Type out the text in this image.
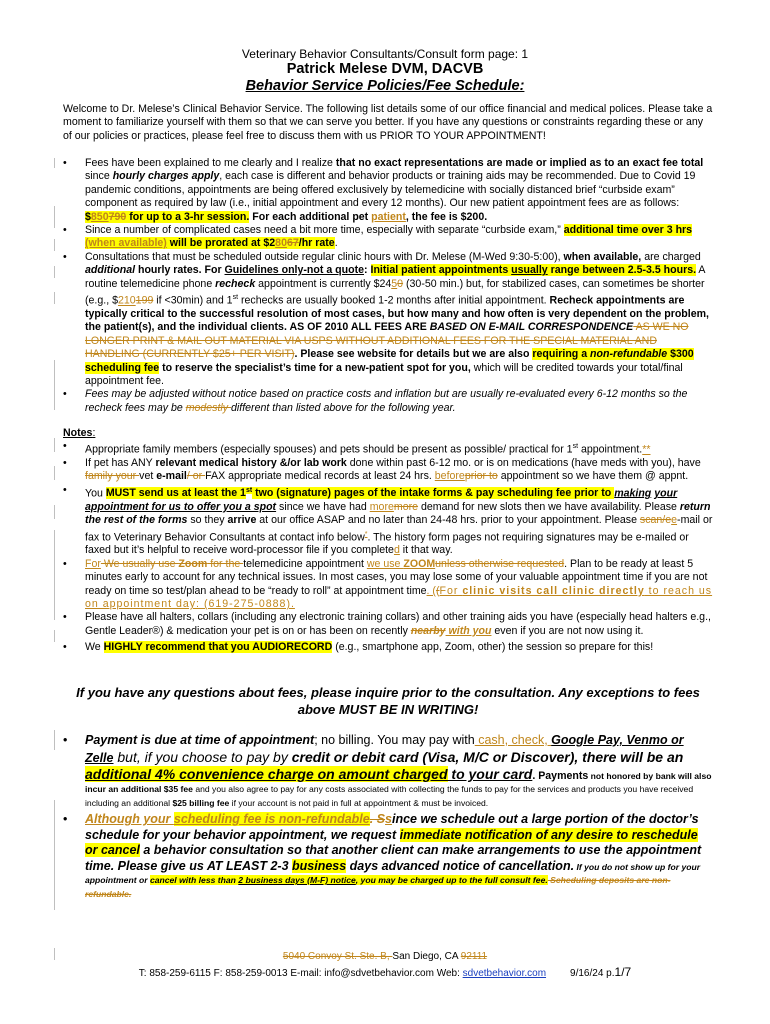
Veterinary Behavior Consultants/Consult form page: 1
Patrick Melese DVM, DACVB
Behavior Service Policies/Fee Schedule:
Welcome to Dr. Melese’s Clinical Behavior Service. The following list details some of our office financial and medical polices. Please take a moment to familiarize yourself with them so that we can serve you better. If you have any questions or constraints regarding these or any of our policies or practices, please feel free to discuss them with us PRIOR TO YOUR APPOINTMENT!
• Fees have been explained to me clearly and I realize that no exact representations are made or implied as to an exact fee total since hourly charges apply, each case is different and behavior products or training aids may be recommended. Due to Covid 19 pandemic conditions, appointments are being offered exclusively by telemedicine with socially distanced brief “curbside exam” component as required by law (i.e., initial appointment and every 12 months). Our new patient appointment fees are as follows: $850790 for up to a 3-hr session. For each additional pet patient, the fee is $200.
• Since a number of complicated cases need a bit more time, especially with separate “curbside exam,” additional time over 3 hrs (when available) will be prorated at $28067/hr rate.
• Consultations that must be scheduled outside regular clinic hours with Dr. Melese (M-Wed 9:30-5:00), when available, are charged additional hourly rates. For Guidelines only-not a quote: Initial patient appointments usually range between 2.5-3.5 hours. A routine telemedicine phone recheck appointment is currently $2450 (30-50 min.) but, for stabilized cases, can sometimes be shorter (e.g., $210199 if <30min) and 1st rechecks are usually booked 1-2 months after initial appointment. Recheck appointments are typically critical to the successful resolution of most cases, but how many and how often is very dependent on the problem, the patient(s), and the individual clients. AS OF 2010 ALL FEES ARE BASED ON E-MAIL CORRESPONDENCE AS WE NO LONGER PRINT & MAIL OUT MATERIAL VIA USPS WITHOUT ADDITIONAL FEES FOR THE SPECIAL MATERIAL AND HANDLING (CURRENTLY $25+ PER VISIT). Please see website for details but we are also requiring a non-refundable $300 scheduling fee to reserve the specialist’s time for a new-patient spot for you, which will be credited towards your total/final appointment fee.
• Fees may be adjusted without notice based on practice costs and inflation but are usually re-evaluated every 6-12 months so the recheck fees may be modestly different than listed above for the following year.
Notes:
• Appropriate family members (especially spouses) and pets should be present as possible/ practical for 1st appointment.**
• If pet has ANY relevant medical history &/or lab work done within past 6-12 mo. or is on medications (have meds with you), have family your vet e-mail/ or FAX appropriate medical records at least 24 hrs. beforeprior to appointment so we have them @ appnt.
• You MUST send us at least the 1st two (signature) pages of the intake forms & pay scheduling fee prior to making your appointment for us to offer you a spot since we have had moremore demand for new slots then we have availability. Please return the rest of the forms so they arrive at our office ASAP and no later than 24-48 hrs. prior to your appointment. Please scan/ee-mail or fax to Veterinary Behavior Consultants at contact info below*. The history form pages not requiring signatures may be e-mailed or faxed but it’s helpful to receive word-processor file if you completed it that way.
• For We usually use Zoom for the telemedicine appointment we use ZOOMunless otherwise requested. Plan to be ready at least 5 minutes early to account for any technical issues. In most cases, you may lose some of your valuable appointment time if you are not ready on time so test/plan ahead to be “ready to roll” at appointment time. ((For clinic visits call clinic directly to reach us on appointment day: (619-275-0888).
• Please have all halters, collars (including any electronic training collars) and other training aids you have (especially head halters e.g., Gentle Leader®) & medication your pet is on or has been on recently nearby with you even if you are not now using it.
• We HIGHLY recommend that you AUDIORECORD (e.g., smartphone app, Zoom, other) the session so prepare for this!
If you have any questions about fees, please inquire prior to the consultation. Any exceptions to fees above MUST BE IN WRITING!
• Payment is due at time of appointment; no billing. You may pay with cash, check, Google Pay, Venmo or Zelle but, if you choose to pay by credit or debit card (Visa, M/C or Discover), there will be an additional 4% convenience charge on amount charged to your card. Payments not honored by bank will also incur an additional $35 fee and you also agree to pay for any costs associated with collecting the funds to pay for the services and products you have received including an additional $25 billing fee if your account is not paid in full at appointment & must be invoiced.
• Although your scheduling fee is non-refundable. Ssince we schedule out a large portion of the doctor’s schedule for your behavior appointment, we request immediate notification of any desire to reschedule or cancel a behavior consultation so that another client can make arrangements to use the appointment time. Please give us AT LEAST 2-3 business days advanced notice of cancellation. If you do not show up for your appointment or cancel with less than 2 business days (M-F) notice, you may be charged up to the full consult fee. Scheduling deposits are non-refundable.
5040 Convoy St. Ste. B, San Diego, CA 92111
T: 858-259-6115 F: 858-259-0013 E-mail: info@sdvetbehavior.com Web: sdvetbehavior.com 9/16/24 p.1/7
